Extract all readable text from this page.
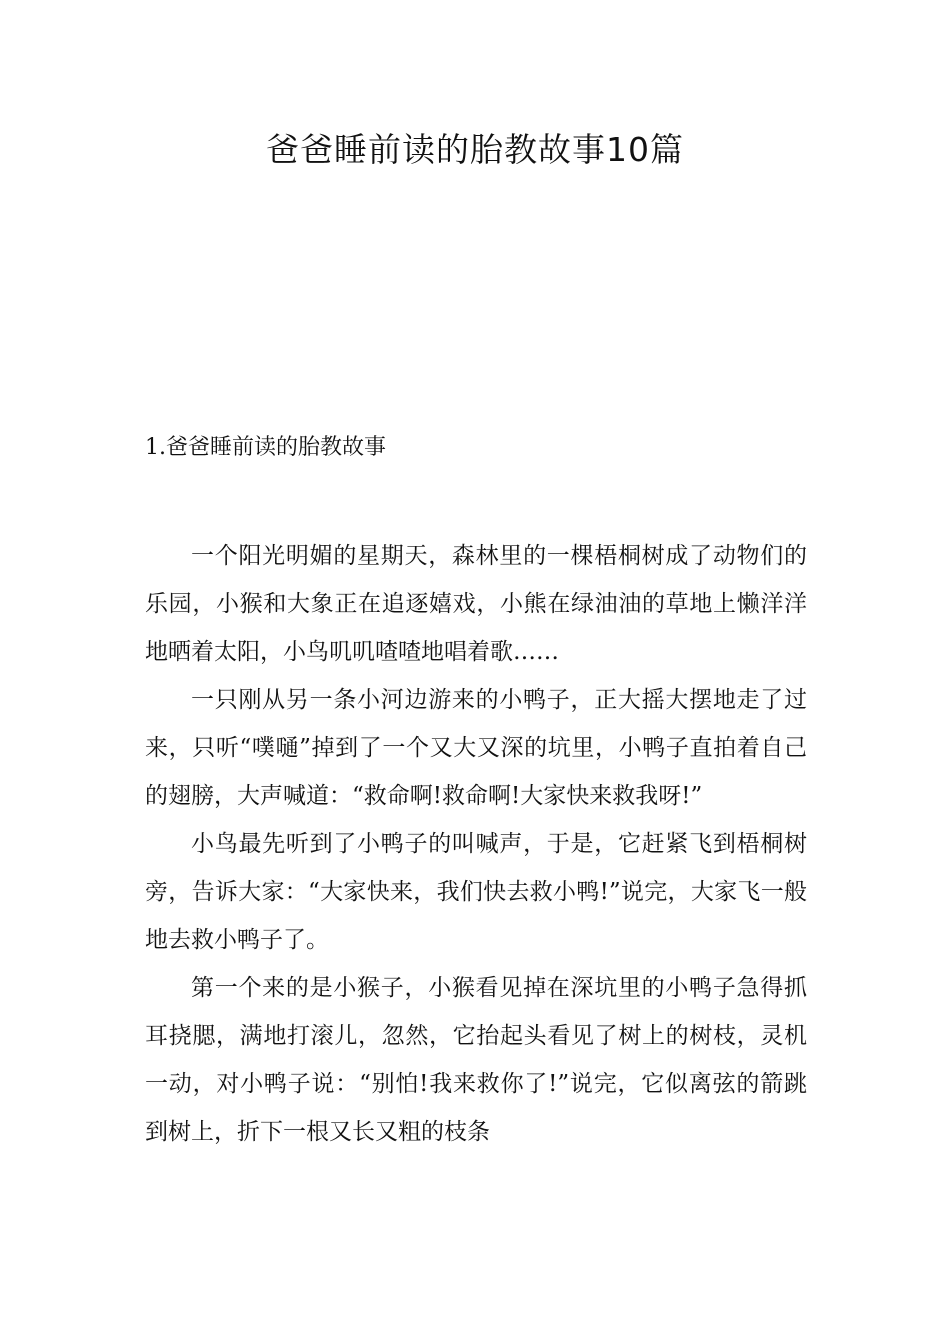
爸爸睡前读的胎教故事10篇
1.爸爸睡前读的胎教故事

一个阳光明媚的星期天，森林里的一棵梧桐树成了动物们的乐园，小猴和大象正在追逐嬉戏，小熊在绿油油的草地上懒洋洋地晒着太阳，小鸟叽叽喳喳地唱着歌……

一只刚从另一条小河边游来的小鸭子，正大摇大摆地走了过来，只听“噗嗵”掉到了一个又大又深的坑里，小鸭子直拍着自己的翅膀，大声喊道：“救命啊!救命啊!大家快来救我呀!”

小鸟最先听到了小鸭子的叫喊声，于是，它赶紧飞到梧桐树旁，告诉大家：“大家快来，我们快去救小鸭!”说完，大家飞一般地去救小鸭子了。

第一个来的是小猴子，小猴看见掉在深坑里的小鸭子急得抓耳挠腮，满地打滚儿，忽然，它抬起头看见了树上的树枝，灵机一动，对小鸭子说：“别怕!我来救你了!”说完，它似离弦的箭跳到树上，折下一根又长又粗的枝条
